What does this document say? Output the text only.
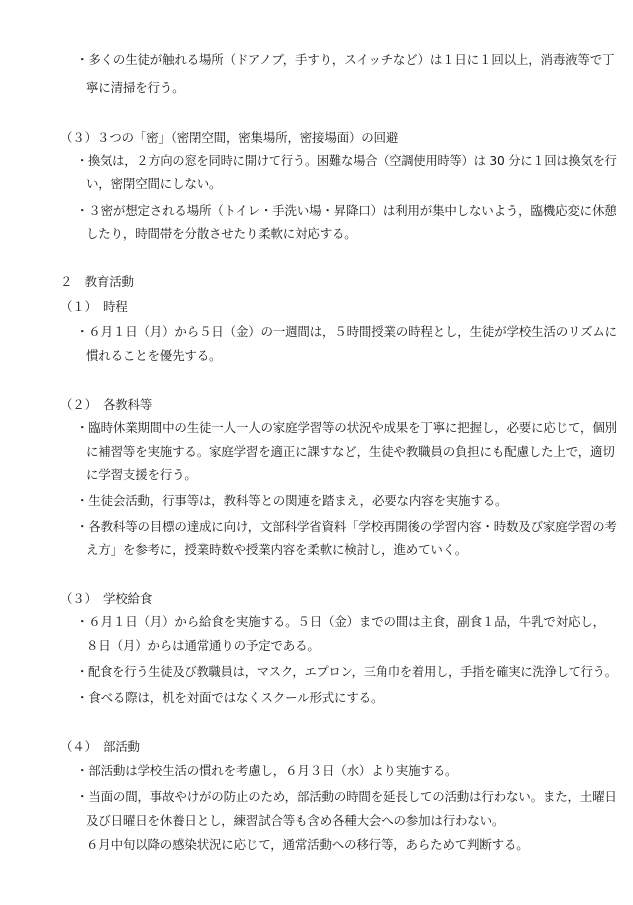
・多くの生徒が触れる場所（ドアノブ，手すり，スイッチなど）は１日に１回以上，消毒液等で丁
寧に清掃を行う。
（３）３つの「密」（密閉空間，密集場所，密接場面）の回避
・換気は，２方向の窓を同時に開けて行う。困難な場合（空調使用時等）は 30 分に１回は換気を行
い，密閉空間にしない。
・３密が想定される場所（トイレ・手洗い場・昇降口）は利用が集中しないよう，臨機応変に休憩
したり，時間帯を分散させたり柔軟に対応する。
２　教育活動
（１）　時程
・６月１日（月）から５日（金）の一週間は，５時間授業の時程とし，生徒が学校生活のリズムに
慣れることを優先する。
（２）　各教科等
・臨時休業期間中の生徒一人一人の家庭学習等の状況や成果を丁寧に把握し，必要に応じて，個別
に補習等を実施する。家庭学習を適正に課すなど，生徒や教職員の負担にも配慮した上で，適切
に学習支援を行う。
・生徒会活動，行事等は，教科等との関連を踏まえ，必要な内容を実施する。
・各教科等の目標の達成に向け，文部科学省資料「学校再開後の学習内容・時数及び家庭学習の考
え方」を参考に，授業時数や授業内容を柔軟に検討し，進めていく。
（３）　学校給食
・６月１日（月）から給食を実施する。５日（金）までの間は主食，副食１品，牛乳で対応し，
８日（月）からは通常通りの予定である。
・配食を行う生徒及び教職員は，マスク，エプロン，三角巾を着用し，手指を確実に洗浄して行う。
・食べる際は，机を対面ではなくスクール形式にする。
（４）　部活動
・部活動は学校生活の慣れを考慮し，６月３日（水）より実施する。
・当面の間，事故やけがの防止のため，部活動の時間を延長しての活動は行わない。また，土曜日
及び日曜日を休養日とし，練習試合等も含め各種大会への参加は行わない。
６月中旬以降の感染状況に応じて，通常活動への移行等，あらためて判断する。
